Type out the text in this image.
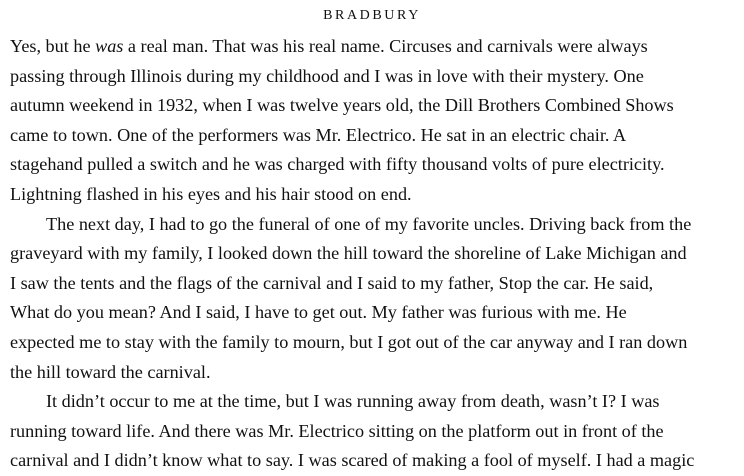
BRADBURY
Yes, but he was a real man. That was his real name. Circuses and carnivals were always
passing through Illinois during my childhood and I was in love with their mystery. One
autumn weekend in 1932, when I was twelve years old, the Dill Brothers Combined Shows
came to town. One of the performers was Mr. Electrico. He sat in an electric chair. A
stagehand pulled a switch and he was charged with fifty thousand volts of pure electricity.
Lightning flashed in his eyes and his hair stood on end.
The next day, I had to go the funeral of one of my favorite uncles. Driving back from the
graveyard with my family, I looked down the hill toward the shoreline of Lake Michigan and
I saw the tents and the flags of the carnival and I said to my father, Stop the car. He said,
What do you mean? And I said, I have to get out. My father was furious with me. He
expected me to stay with the family to mourn, but I got out of the car anyway and I ran down
the hill toward the carnival.
It didn’t occur to me at the time, but I was running away from death, wasn’t I? I was
running toward life. And there was Mr. Electrico sitting on the platform out in front of the
carnival and I didn’t know what to say. I was scared of making a fool of myself. I had a magic
